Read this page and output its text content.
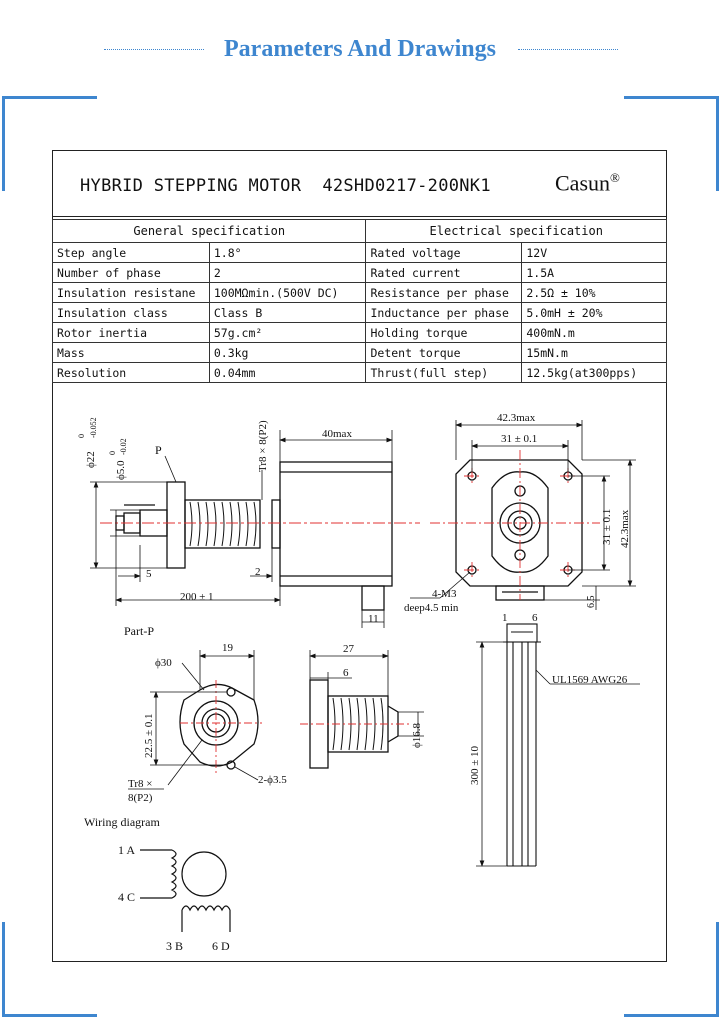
Parameters And Drawings
HYBRID STEPPING MOTOR 42SHD0217-200NK1	Casun®
General specification		Electrical specification	
Step angle	1.8°	Rated voltage	12V
Number of phase	2	Rated current	1.5A
Insulation resistane	100MΩmin.(500V DC)	Resistance per phase	2.5Ω ± 10%
Insulation class	Class B	Inductance per phase	5.0mH ± 20%
Rotor inertia	57g.cm²	Holding torque	400mN.m
Mass	0.3kg	Detent torque	15mN.m
Resolution	0.04mm	Thrust(full step)	12.5kg(at300pps)
ϕ22
0 -0.052
ϕ5.0
0 -0.02 P	Tr8 × 8(P2)	40max
5	2
200 ± 1
11
42.3max
31 ± 0.1
31 ± 0.1 42.3max
6.5
4-M3
deep4.5 min
1 6
UL1569 AWG26
300 ± 10
Part-P
19
ϕ30
22.5 ± 0.1
Tr8 ×
8(P2)
2-ϕ3.5
27
6
ϕ16.8
Wiring diagram
1 A
4 C
3 B 6 D
